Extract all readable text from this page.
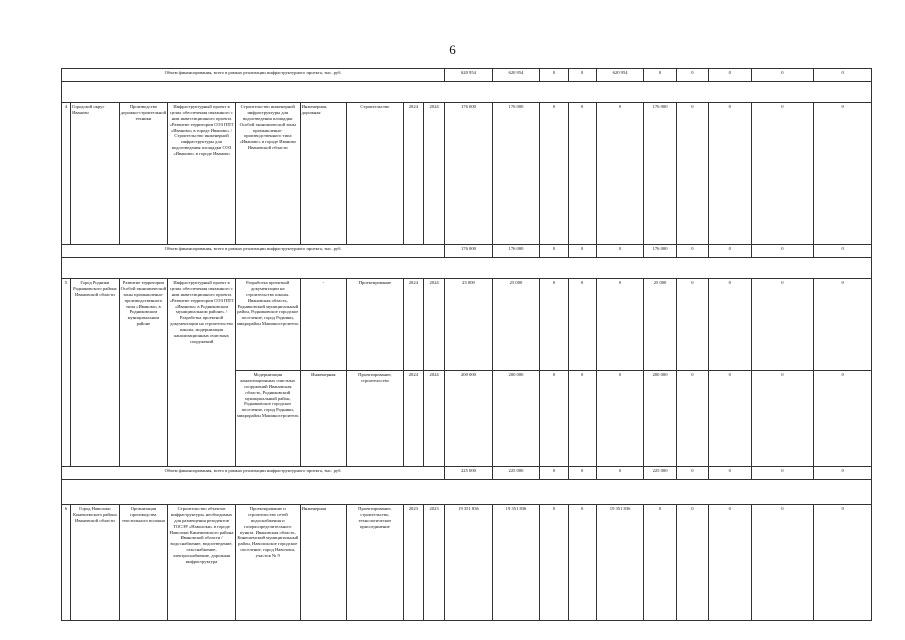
6
Объем финансирования, всего в рамках реализации инфраструктурного проекта, тыс. руб.									620 954	620 954	0	0	620 954	0	0	0	0	0

4	Городской округ Иваново	Производство дорожно-строительной техники	Инфраструктурный проект в целях обеспечения связанного с ним инвестиционного проекта «Развитие территории ОЭЗ ППТ «Иваново» в городе Иваново» / Строительство инженерной инфраструктуры для водоотведения площадки ОЭЗ «Иваново» в городе Иваново	Строительство инженерной инфраструктуры для водоотведения площадки Особой экономической зоны промышленно-производственного типа «Иваново» в городе Иваново Ивановской области	Инженерная, дорожная	Строительство	2024	2024	176 000	176 000	0	0	0	176 000	0	0	0	0
Объем финансирования, всего в рамках реализации инфраструктурного проекта, тыс. руб.									176 000	176 000	0	0	0	176 000	0	0	0	0

5	Город Родники Родниковского района Ивановской области	Развитие территории Особой экономической зоны промышленно-производственного типа «Иваново» в Родниковском муниципальном районе	Инфраструктурный проект в целях обеспечения связанного с ним инвестиционного проекта «Развитие территории ОЭЗ ППТ «Иваново» в Родниковском муниципальном районе» / Разработка проектной документации на строительство школы, модернизация канализационных очистных сооружений	Разработка проектной документации на строительство школы. Ивановская область, Родниковский муниципальный район, Родниковское городское поселение, город Родники, микрорайон Машиностроитель	-	Проектирование	2024	2024	25 000	25 000	0	0	0	25 000	0	0	0	0
				Модернизация канализационных очистных сооружений Ивановская область, Родниковский муниципальный район, Родниковское городское поселение, город Родники, микрорайон Машиностроитель	Инженерная	Проектирование, строительство	2024	2024	200 000	200 000	0	0	0	200 000	0	0	0	0
Объем финансирования, всего в рамках реализации инфраструктурного проекта, тыс. руб.									225 000	225 000	0	0	0	225 000	0	0	0	0

6	Город Наволоки Кинешемского района Ивановской области	Организация производства текстильного волокна	Строительство объектов инфраструктуры, необходимых для размещения резидентов ТОСЭР «Наволоки» в городе Наволоки Кинешемского района Ивановской области / водоснабжение, водоотведение, газоснабжение, электроснабжение, дорожная инфраструктура	Проектирование и строительство сетей водоснабжения и газораспределительного пункта. Ивановская область, Кинешемский муниципальный район, Наволокское городское поселение, город Наволоки, участок № 9	Инженерная	Проектирование, строительство, технологическое присоединение	2023	2023	19 351 836	19 351 836	0	0	19 351 836	0	0	0	0	0
